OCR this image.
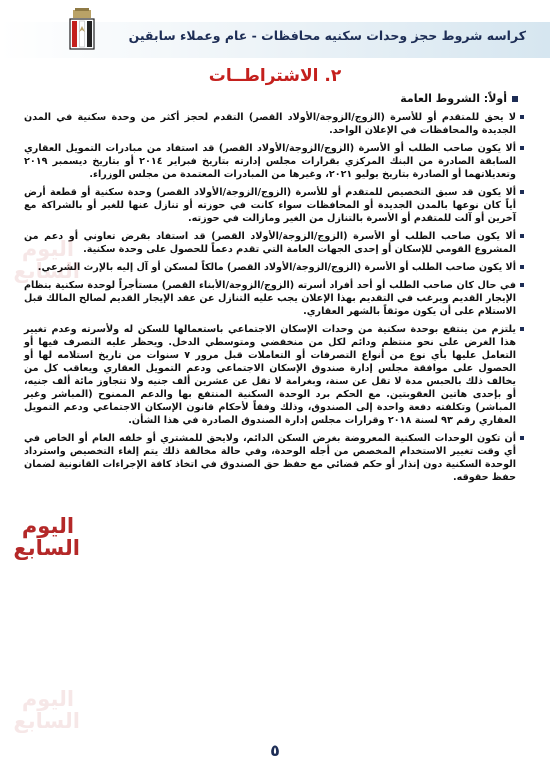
كراسه شروط حجز وحدات سكنيه محافظات - عام وعملاء سابقين
٢. الاشتراطــات
أولاً: الشروط العامة
لا يحق للمتقدم أو للأسرة (الزوج/الزوجة/الأولاد القصر) التقدم لحجز أكثر من وحدة سكنية في المدن الجديدة والمحافظات في الإعلان الواحد.
ألا يكون صاحب الطلب أو الأسرة (الزوج/الزوجة/الأولاد القصر) قد استفاد من مبادرات التمويل العقاري السابقة الصادرة من البنك المركزي بقرارات مجلس إدارته بتاريخ فبراير ٢٠١٤ أو بتاريخ ديسمبر ٢٠١٩ وتعديلاتهما أو الصادرة بتاريخ يوليو ٢٠٢١، وغيرها من المبادرات المعتمدة من مجلس الوزراء.
ألا يكون قد سبق التخصيص للمتقدم أو للأسرة (الزوج/الزوجة/الأولاد القصر) وحدة سكنية أو قطعة أرض أياً كان نوعها بالمدن الجديدة أو المحافظات سواء كانت في حوزته أو تنازل عنها للغير أو بالشراكة مع آخرين أو آلت للمتقدم أو الأسرة بالتنازل من الغير ومازالت في حوزته.
ألا يكون صاحب الطلب أو الأسرة (الزوج/الزوجة/الأولاد القصر) قد استفاد بقرض تعاوني أو دعم من المشروع القومي للإسكان أو إحدى الجهات العامة التي تقدم دعماً للحصول على وحدة سكنية.
ألا يكون صاحب الطلب أو الأسرة (الزوج/الزوجة/الأولاد القصر) مالكاً لمسكن أو آل إليه بالإرث الشرعي.
في حال كان صاحب الطلب أو أحد أفراد أسرته (الزوج/الزوجة/الأبناء القصر) مستأجراً لوحدة سكنية بنظام الإيجار القديم ويرغب في التقديم بهذا الإعلان يجب عليه التنازل عن عقد الإيجار القديم لصالح المالك قبل الاستلام على أن يكون موثقاً بالشهر العقاري.
يلتزم من ينتفع بوحدة سكنية من وحدات الإسكان الاجتماعي باستعمالها للسكن له ولأسرته وعدم تغيير هذا الغرض على نحو منتظم ودائم لكل من منخفضي ومتوسطي الدخل. ويحظر عليه التصرف فيها أو التعامل عليها بأي نوع من أنواع التصرفات أو التعاملات قبل مرور ٧ سنوات من تاريخ استلامه لها أو الحصول على موافقة مجلس إدارة صندوق الإسكان الاجتماعي ودعم التمويل العقاري ويعاقب كل من يخالف ذلك بالحبس مدة لا تقل عن سنة، وبغرامة لا تقل عن عشرين ألف جنيه ولا تتجاوز مائة ألف جنيه، أو بإحدى هاتين العقوبتين. مع الحكم برد الوحدة السكنية المنتفع بها والدعم الممنوح (المباشر وغير المباشر) وتكلفته دفعة واحدة إلى الصندوق، وذلك وفقاً لأحكام قانون الإسكان الاجتماعي ودعم التمويل العقاري رقم ٩٣ لسنة ٢٠١٨ وقرارات مجلس إدارة الصندوق الصادرة في هذا الشأن.
أن تكون الوحدات السكنية المعروضة بغرض السكن الدائم، ولايحق للمشتري أو خلفه العام أو الخاص في أي وقت تغيير الاستخدام المخصص من أجله الوحدة، وفي حالة مخالفة ذلك يتم إلغاء التخصيص واسترداد الوحدة السكنية دون إنذار أو حكم قضائي مع حفظ حق الصندوق في اتخاذ كافة الإجراءات القانونية لضمان حفظ حقوقه.
اليوم
السابع
اليوم
السابع
اليوم
السابع
٥
